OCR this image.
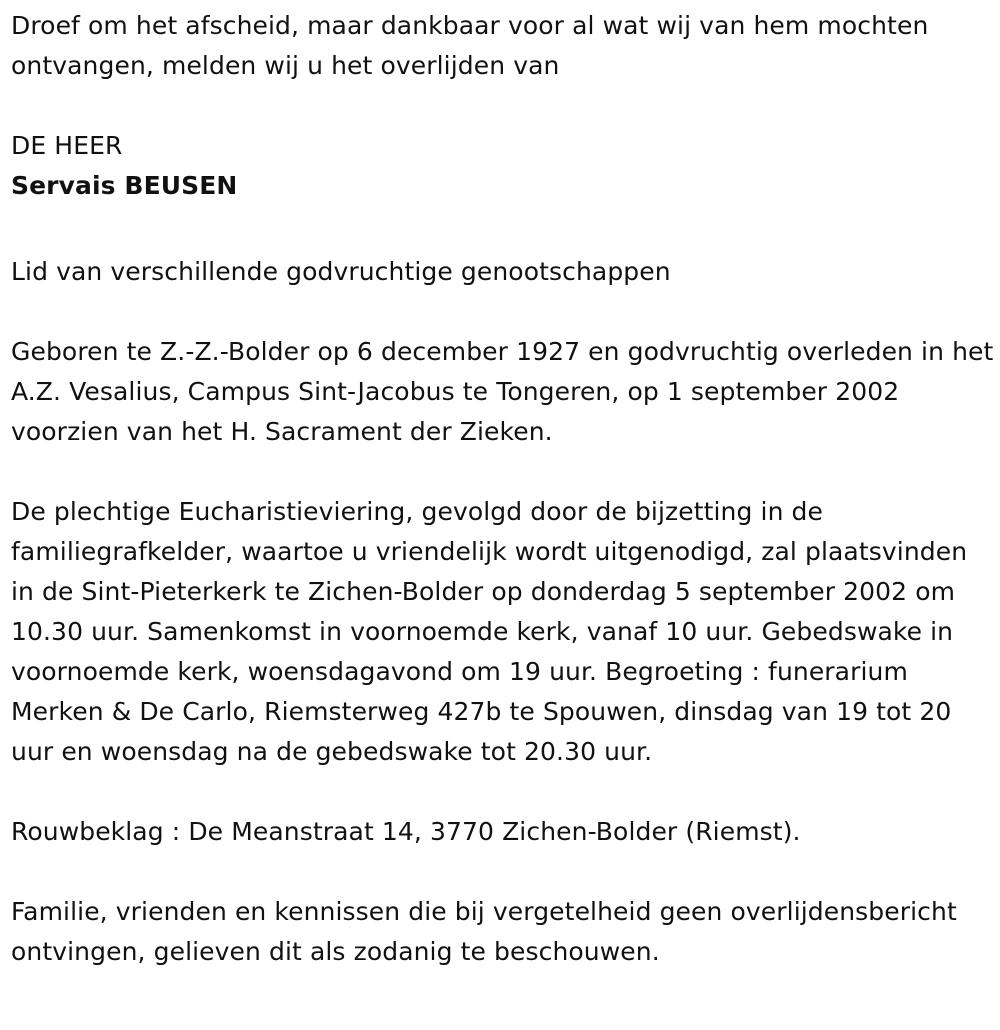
Droef om het afscheid, maar dankbaar voor al wat wij van hem mochten ontvangen, melden wij u het overlijden van

DE HEER

Servais BEUSEN

Lid van verschillende godvruchtige genootschappen

Geboren te Z.-Z.-Bolder op 6 december 1927 en godvruchtig overleden in het A.Z. Vesalius, Campus Sint-Jacobus te Tongeren, op 1 september 2002 voorzien van het H. Sacrament der Zieken.

De plechtige Eucharistieviering, gevolgd door de bijzetting in de familiegrafkelder, waartoe u vriendelijk wordt uitgenodigd, zal plaatsvinden in de Sint-Pieterkerk te Zichen-Bolder op donderdag 5 september 2002 om 10.30 uur. Samenkomst in voornoemde kerk, vanaf 10 uur. Gebedswake in voornoemde kerk, woensdagavond om 19 uur. Begroeting : funerarium Merken & De Carlo, Riemsterweg 427b te Spouwen, dinsdag van 19 tot 20 uur en woensdag na de gebedswake tot 20.30 uur.

Rouwbeklag : De Meanstraat 14, 3770 Zichen-Bolder (Riemst).

Familie, vrienden en kennissen die bij vergetelheid geen overlijdensbericht ontvingen, gelieven dit als zodanig te beschouwen.
